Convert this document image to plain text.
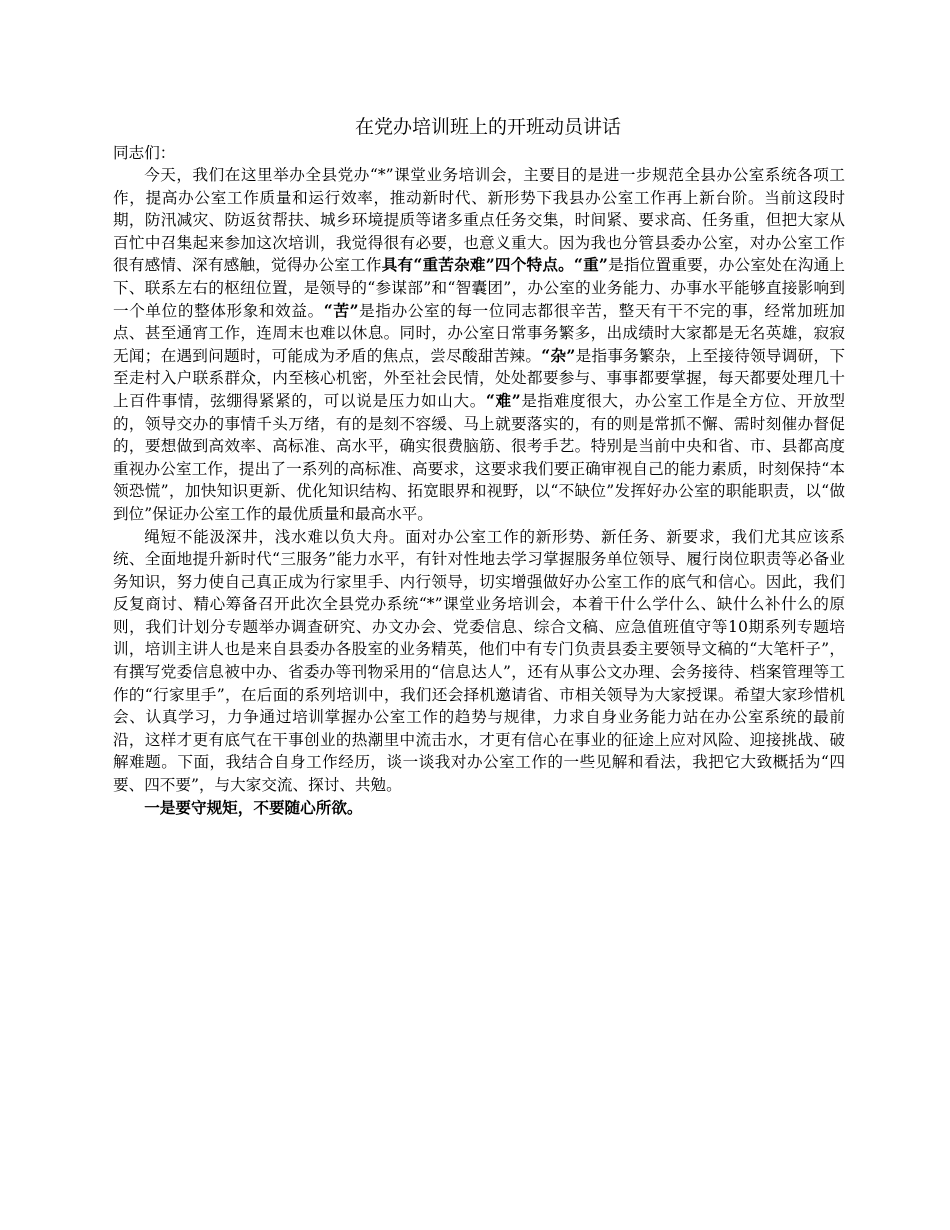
在党办培训班上的开班动员讲话

同志们：

今天，我们在这里举办全县党办“*”课堂业务培训会，主要目的是进一步规范全县办公室系统各项工作，提高办公室工作质量和运行效率，推动新时代、新形势下我县办公室工作再上新台阶。当前这段时期，防汛减灾、防返贫帮扶、城乡环境提质等诸多重点任务交集，时间紧、要求高、任务重，但把大家从百忙中召集起来参加这次培训，我觉得很有必要，也意义重大。因为我也分管县委办公室，对办公室工作很有感情、深有感触，觉得办公室工作具有“重苦杂难”四个特点。“重”是指位置重要，办公室处在沟通上下、联系左右的枢纽位置，是领导的“参谋部”和“智囊团”，办公室的业务能力、办事水平能够直接影响到一个单位的整体形象和效益。“苦”是指办公室的每一位同志都很辛苦，整天有干不完的事，经常加班加点、甚至通宵工作，连周末也难以休息。同时，办公室日常事务繁多，出成绩时大家都是无名英雄，寂寂无闻；在遇到问题时，可能成为矛盾的焦点，尝尽酸甜苦辣。“杂”是指事务繁杂，上至接待领导调研，下至走村入户联系群众，内至核心机密，外至社会民情，处处都要参与、事事都要掌握，每天都要处理几十上百件事情，弦绷得紧紧的，可以说是压力如山大。“难”是指难度很大，办公室工作是全方位、开放型的，领导交办的事情千头万绪，有的是刻不容缓、马上就要落实的，有的则是常抓不懈、需时刻催办督促的，要想做到高效率、高标准、高水平，确实很费脑筋、很考手艺。特别是当前中央和省、市、县都高度重视办公室工作，提出了一系列的高标准、高要求，这要求我们要正确审视自己的能力素质，时刻保持“本领恐慌”，加快知识更新、优化知识结构、拓宽眼界和视野，以“不缺位”发挥好办公室的职能职责，以“做到位”保证办公室工作的最优质量和最高水平。

绳短不能汲深井，浅水难以负大舟。面对办公室工作的新形势、新任务、新要求，我们尤其应该系统、全面地提升新时代“三服务”能力水平，有针对性地去学习掌握服务单位领导、履行岗位职责等必备业务知识，努力使自己真正成为行家里手、内行领导，切实增强做好办公室工作的底气和信心。因此，我们反复商讨、精心筹备召开此次全县党办系统“*”课堂业务培训会，本着干什么学什么、缺什么补什么的原则，我们计划分专题举办调查研究、办文办会、党委信息、综合文稿、应急值班值守等10期系列专题培训，培训主讲人也是来自县委办各股室的业务精英，他们中有专门负责县委主要领导文稿的“大笔杆子”，有撰写党委信息被中办、省委办等刊物采用的“信息达人”，还有从事公文办理、会务接待、档案管理等工作的“行家里手”，在后面的系列培训中，我们还会择机邀请省、市相关领导为大家授课。希望大家珍惜机会、认真学习，力争通过培训掌握办公室工作的趋势与规律，力求自身业务能力站在办公室系统的最前沿，这样才更有底气在干事创业的热潮里中流击水，才更有信心在事业的征途上应对风险、迎接挑战、破解难题。下面，我结合自身工作经历，谈一谈我对办公室工作的一些见解和看法，我把它大致概括为“四要、四不要”，与大家交流、探讨、共勉。

一是要守规矩，不要随心所欲。
